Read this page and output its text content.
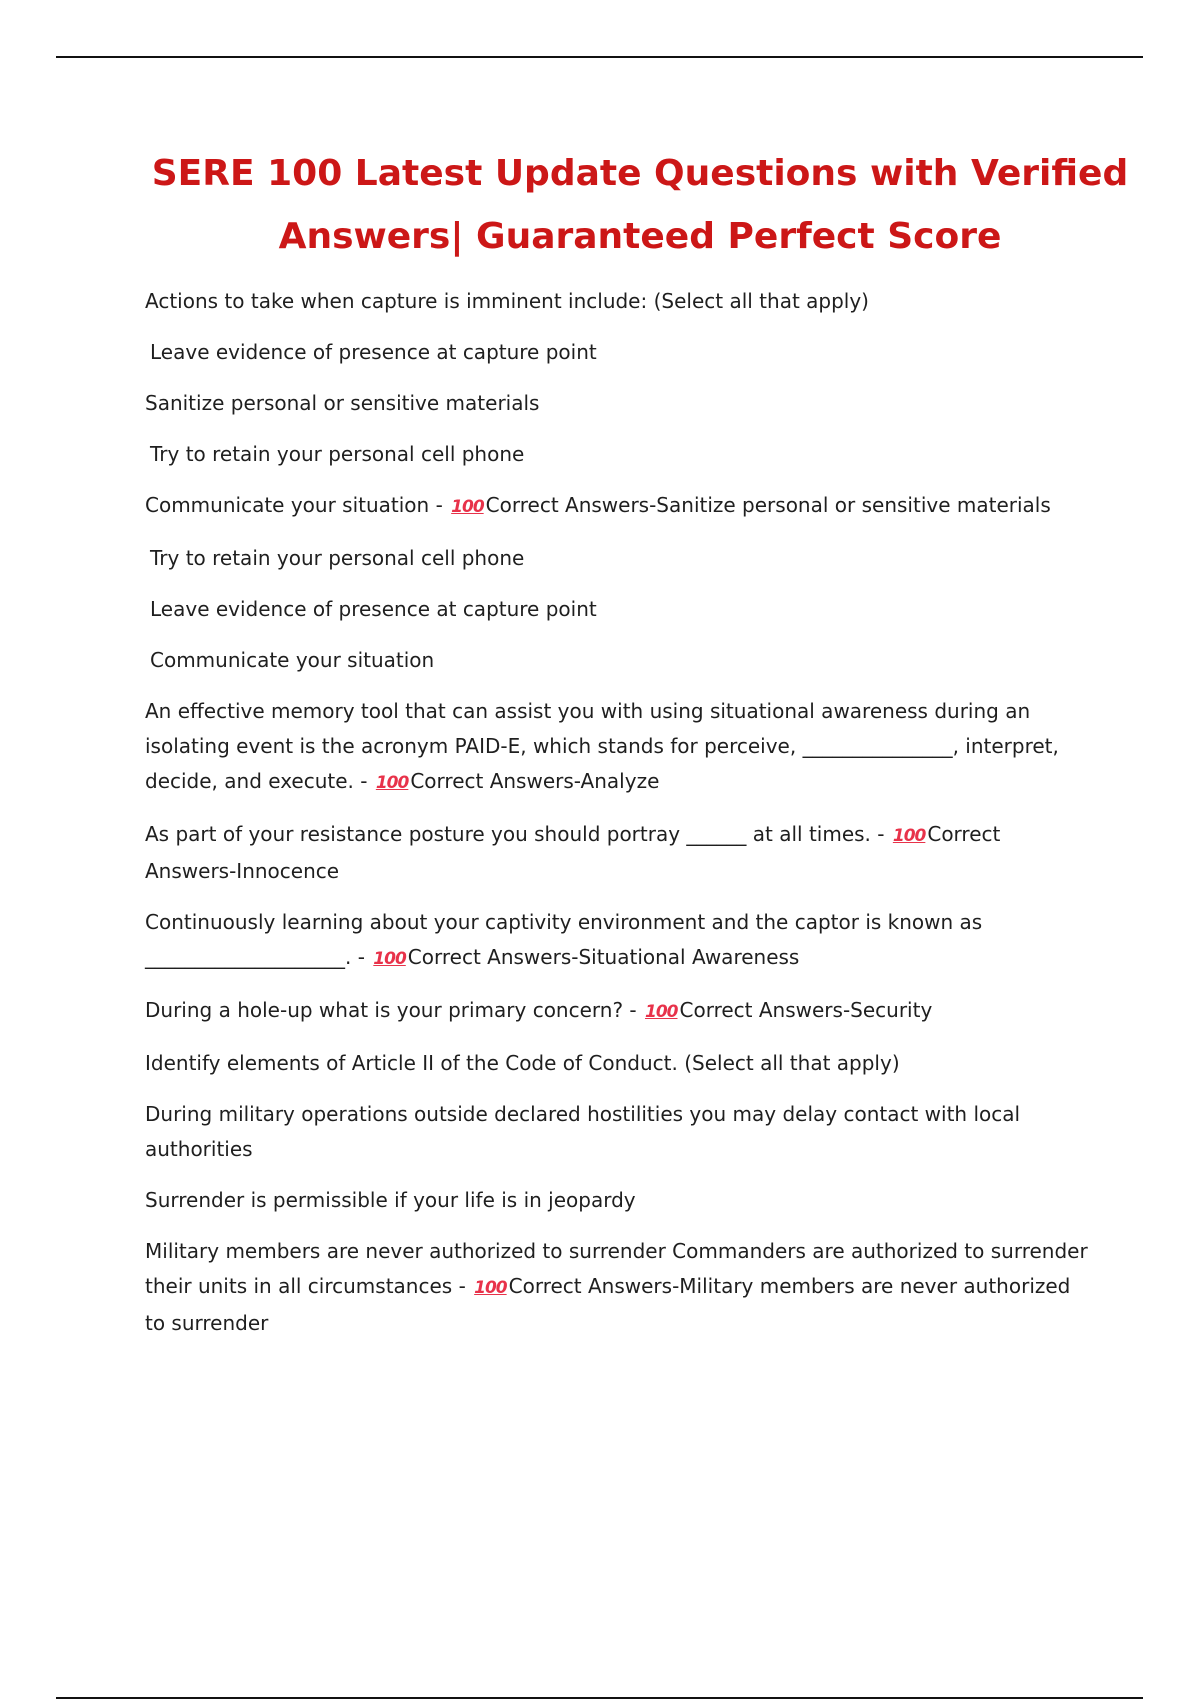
SERE 100 Latest Update Questions with Verified
Answers| Guaranteed Perfect Score

Actions to take when capture is imminent include: (Select all that apply)

Leave evidence of presence at capture point

Sanitize personal or sensitive materials

Try to retain your personal cell phone

Communicate your situation - 100 Correct Answers-Sanitize personal or sensitive materials

Try to retain your personal cell phone

Leave evidence of presence at capture point

Communicate your situation

An effective memory tool that can assist you with using situational awareness during an isolating event is the acronym PAID-E, which stands for perceive, _______________, interpret, decide, and execute. - 100 Correct Answers-Analyze

As part of your resistance posture you should portray ______ at all times. - 100 Correct Answers-Innocence

Continuously learning about your captivity environment and the captor is known as ____________________. - 100 Correct Answers-Situational Awareness

During a hole-up what is your primary concern? - 100 Correct Answers-Security

Identify elements of Article II of the Code of Conduct. (Select all that apply)

During military operations outside declared hostilities you may delay contact with local authorities

Surrender is permissible if your life is in jeopardy

Military members are never authorized to surrender Commanders are authorized to surrender their units in all circumstances - 100 Correct Answers-Military members are never authorized to surrender
